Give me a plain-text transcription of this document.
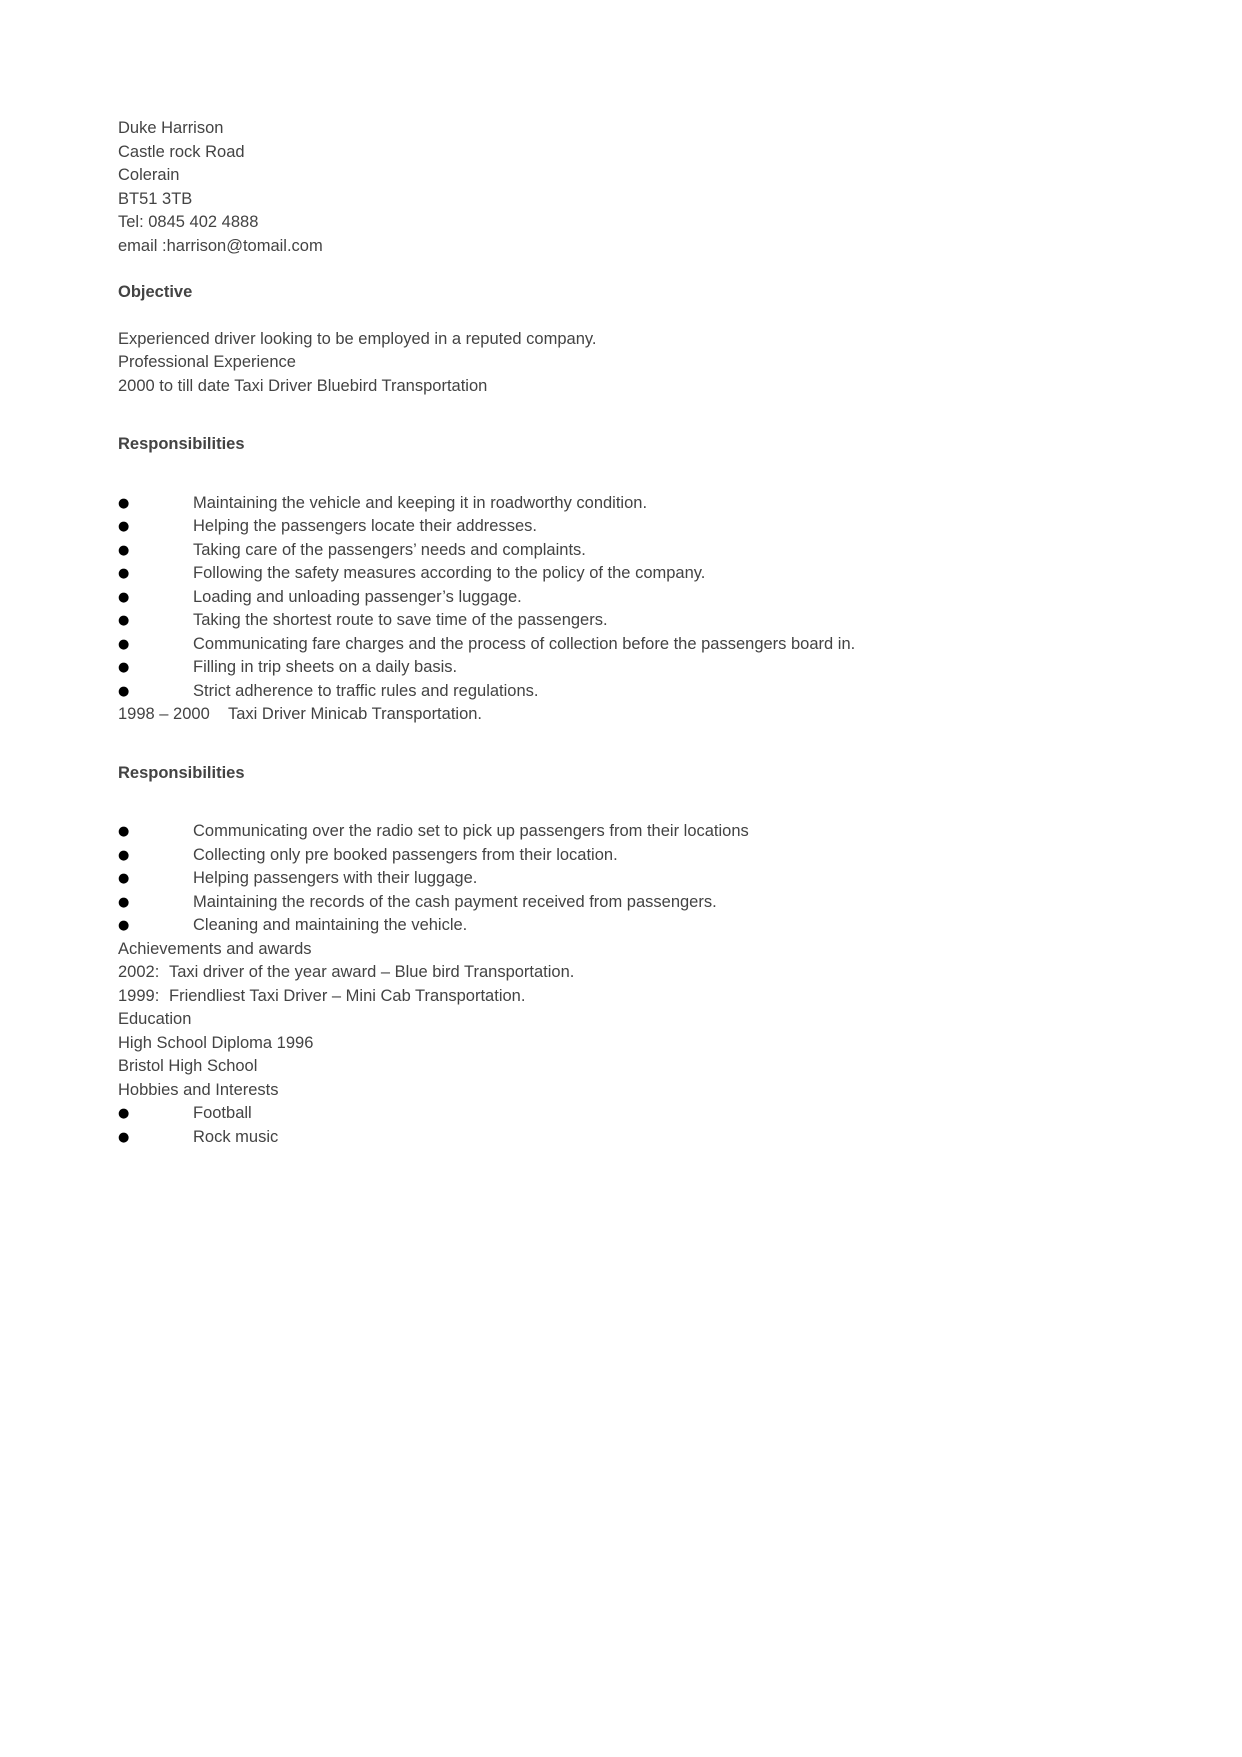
Duke Harrison
Castle rock Road
Colerain
BT51 3TB
Tel: 0845 402 4888
email :harrison@tomail.com
Objective
Experienced driver looking to be employed in a reputed company.
Professional Experience
2000 to till date Taxi Driver Bluebird Transportation
Responsibilities
●	Maintaining the vehicle and keeping it in roadworthy condition.
●	Helping the passengers locate their addresses.
●	Taking care of the passengers’ needs and complaints.
●	Following the safety measures according to the policy of the company.
●	Loading and unloading passenger’s luggage.
●	Taking the shortest route to save time of the passengers.
●	Communicating fare charges and the process of collection before the passengers board in.
●	Filling in trip sheets on a daily basis.
●	Strict adherence to traffic rules and regulations.
1998 – 2000 Taxi Driver Minicab Transportation.
Responsibilities
●	Communicating over the radio set to pick up passengers from their locations
●	Collecting only pre booked passengers from their location.
●	Helping passengers with their luggage.
●	Maintaining the records of the cash payment received from passengers.
●	Cleaning and maintaining the vehicle.
Achievements and awards
2002: Taxi driver of the year award – Blue bird Transportation.
1999: Friendliest Taxi Driver – Mini Cab Transportation.
Education
High School Diploma 1996
Bristol High School
Hobbies and Interests
●	Football
●	Rock music
